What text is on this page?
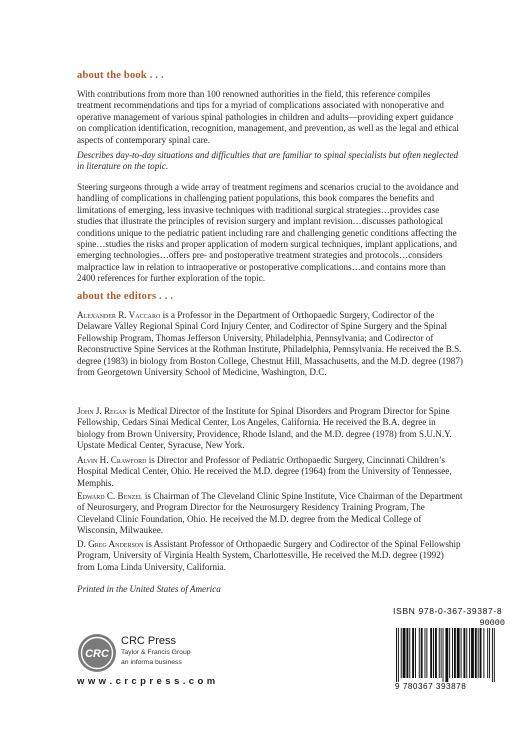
about the book . . .

With contributions from more than 100 renowned authorities in the field, this reference compiles treatment recommendations and tips for a myriad of complications associated with nonoperative and operative management of various spinal pathologies in children and adults—providing expert guidance on complication identification, recognition, management, and prevention, as well as the legal and ethical aspects of contemporary spinal care.

Describes day-to-day situations and difficulties that are familiar to spinal specialists but often neglected in literature on the topic.

Steering surgeons through a wide array of treatment regimens and scenarios crucial to the avoidance and handling of complications in challenging patient populations, this book compares the benefits and limitations of emerging, less invasive techniques with traditional surgical strategies…provides case studies that illustrate the principles of revision surgery and implant revision…discusses pathological conditions unique to the pediatric patient including rare and challenging genetic conditions affecting the spine…studies the risks and proper application of modern surgical techniques, implant applications, and emerging technologies…offers pre- and postoperative treatment strategies and protocols…considers malpractice law in relation to intraoperative or postoperative complications…and contains more than 2400 references for further exploration of the topic.

about the editors . . .

Alexander R. Vaccaro is a Professor in the Department of Orthopaedic Surgery, Codirector of the Delaware Valley Regional Spinal Cord Injury Center, and Codirector of Spine Surgery and the Spinal Fellowship Program, Thomas Jefferson University, Philadelphia, Pennsylvania; and Codirector of Reconstructive Spine Services at the Rothman Institute, Philadelphia, Pennsylvania. He received the B.S. degree (1983) in biology from Boston College, Chestnut Hill, Massachusetts, and the M.D. degree (1987) from Georgetown University School of Medicine, Washington, D.C.

John J. Regan is Medical Director of the Institute for Spinal Disorders and Program Director for Spine Fellowship, Cedars Sinai Medical Center, Los Angeles, California. He received the B.A. degree in biology from Brown University, Providence, Rhode Island, and the M.D. degree (1978) from S.U.N.Y. Upstate Medical Center, Syracuse, New York.

Alvin H. Crawford is Director and Professor of Pediatric Orthopaedic Surgery, Cincinnati Children’s Hospital Medical Center, Ohio. He received the M.D. degree (1964) from the University of Tennessee, Memphis.

Edward C. Benzel is Chairman of The Cleveland Clinic Spine Institute, Vice Chairman of the Department of Neurosurgery, and Program Director for the Neurosurgery Residency Training Program, The Cleveland Clinic Foundation, Ohio. He received the M.D. degree from the Medical College of Wisconsin, Milwaukee.

D. Greg Anderson is Assistant Professor of Orthopaedic Surgery and Codirector of the Spinal Fellowship Program, University of Virginia Health System, Charlottesville. He received the M.D. degree (1992) from Loma Linda University, California.

Printed in the United States of America

CRC
CRC Press
Taylor & Francis Group
an informa business
w w w . c r c p r e s s . c o m
ISBN 978-0-367-39387-8
90000
9 780367 393878
